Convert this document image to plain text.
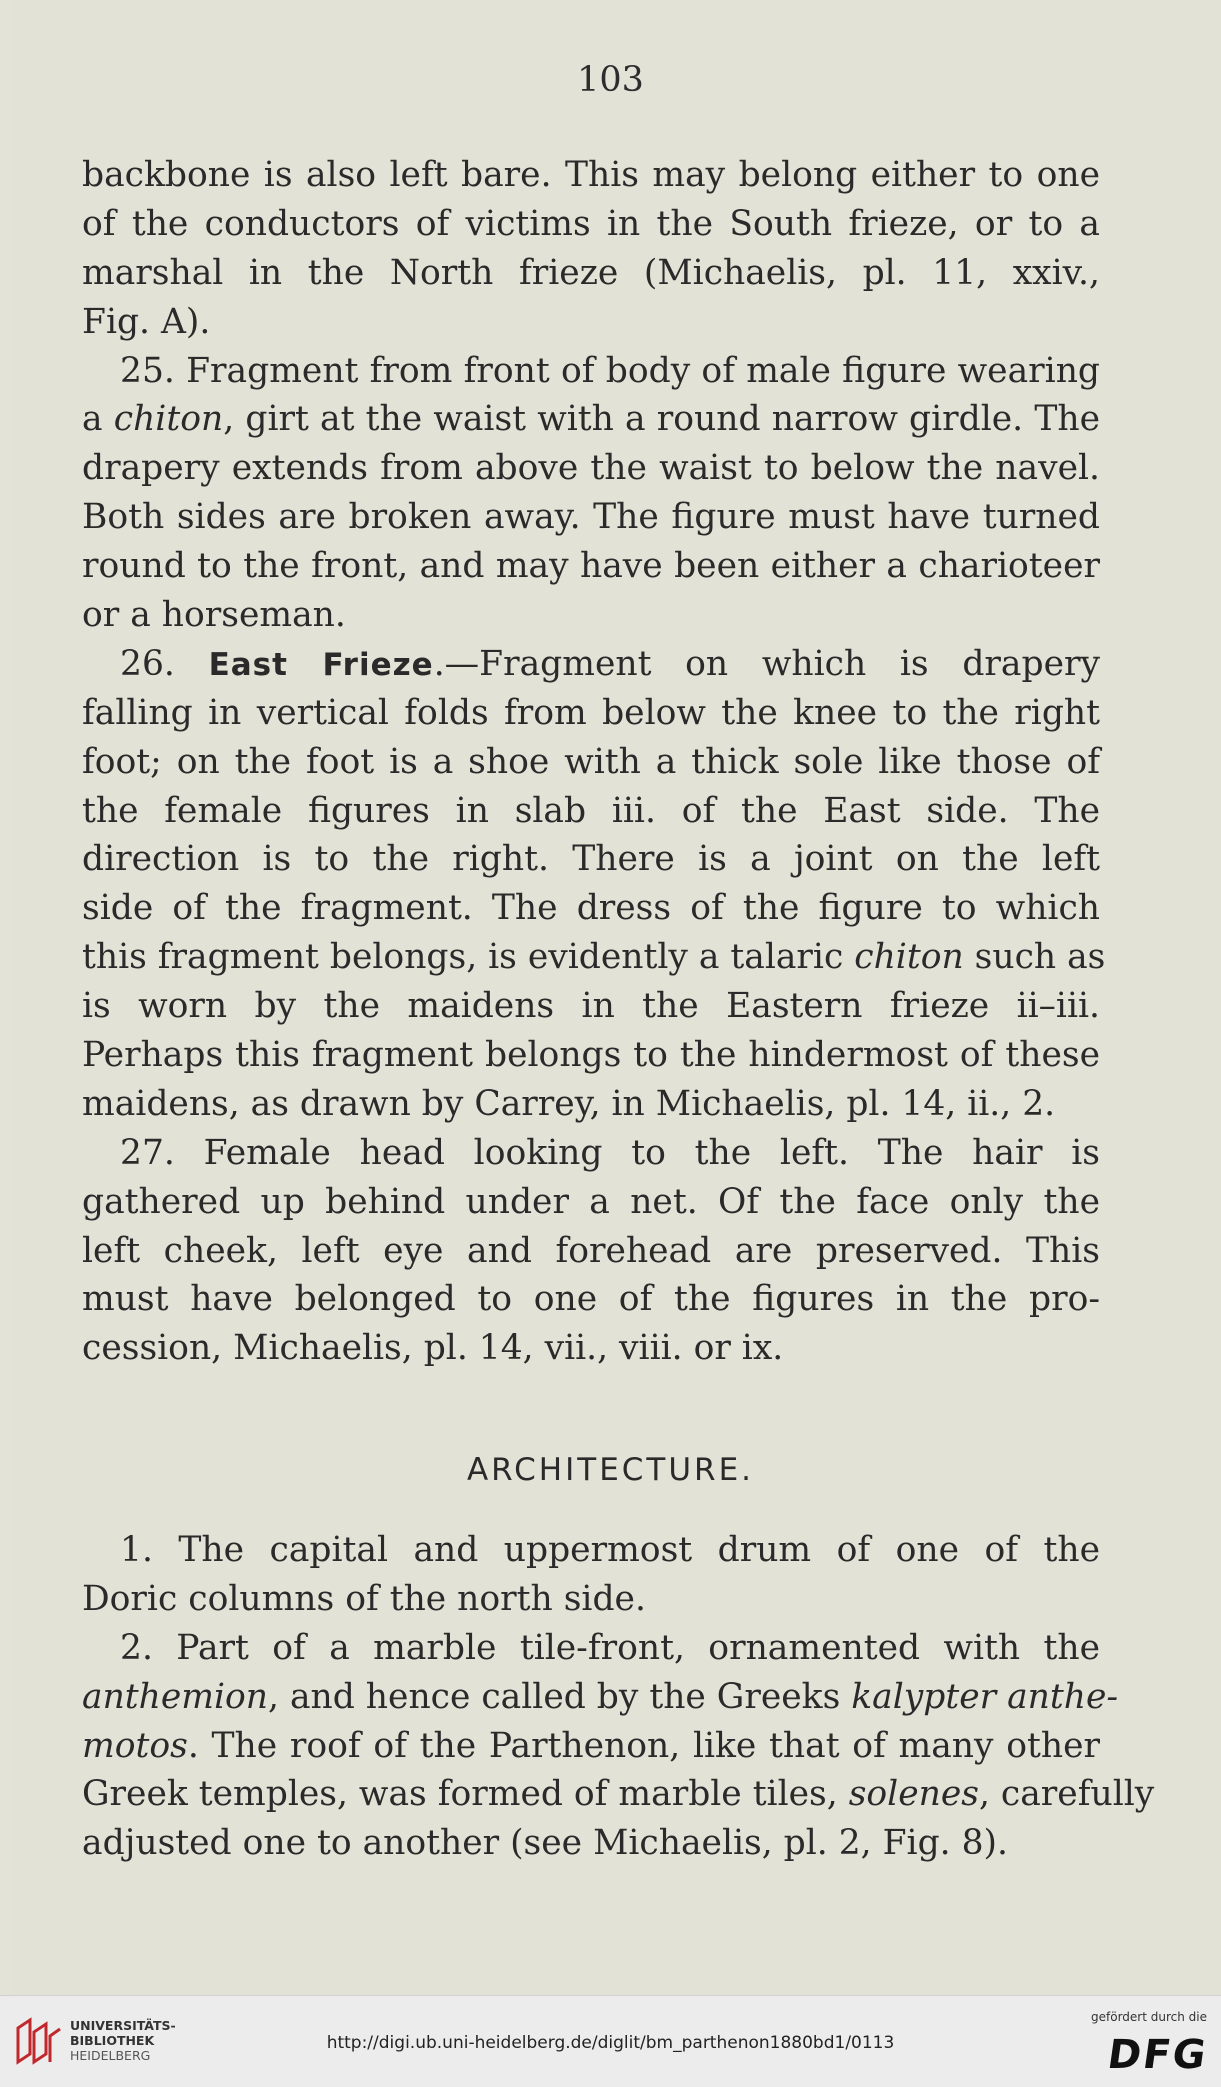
103
backbone is also left bare. This may belong either to one
of the conductors of victims in the South frieze, or to a
marshal in the North frieze (Michaelis, pl. 11, xxiv.,
Fig. A).
25. Fragment from front of body of male figure wearing
a chiton, girt at the waist with a round narrow girdle. The
drapery extends from above the waist to below the navel.
Both sides are broken away. The figure must have turned
round to the front, and may have been either a charioteer
or a horseman.
26. East Frieze.—Fragment on which is drapery
falling in vertical folds from below the knee to the right
foot; on the foot is a shoe with a thick sole like those of
the female figures in slab iii. of the East side. The
direction is to the right. There is a joint on the left
side of the fragment. The dress of the figure to which
this fragment belongs, is evidently a talaric chiton such as
is worn by the maidens in the Eastern frieze ii–iii.
Perhaps this fragment belongs to the hindermost of these
maidens, as drawn by Carrey, in Michaelis, pl. 14, ii., 2.
27. Female head looking to the left. The hair is
gathered up behind under a net. Of the face only the
left cheek, left eye and forehead are preserved. This
must have belonged to one of the figures in the pro-
cession, Michaelis, pl. 14, vii., viii. or ix.
ARCHITECTURE.
1. The capital and uppermost drum of one of the
Doric columns of the north side.
2. Part of a marble tile-front, ornamented with the
anthemion, and hence called by the Greeks kalypter anthe-
motos. The roof of the Parthenon, like that of many other
Greek temples, was formed of marble tiles, solenes, carefully
adjusted one to another (see Michaelis, pl. 2, Fig. 8).
UNIVERSITÄTS-
BIBLIOTHEK
HEIDELBERG
http://digi.ub.uni-heidelberg.de/diglit/bm_parthenon1880bd1/0113
gefördert durch die
DFG
